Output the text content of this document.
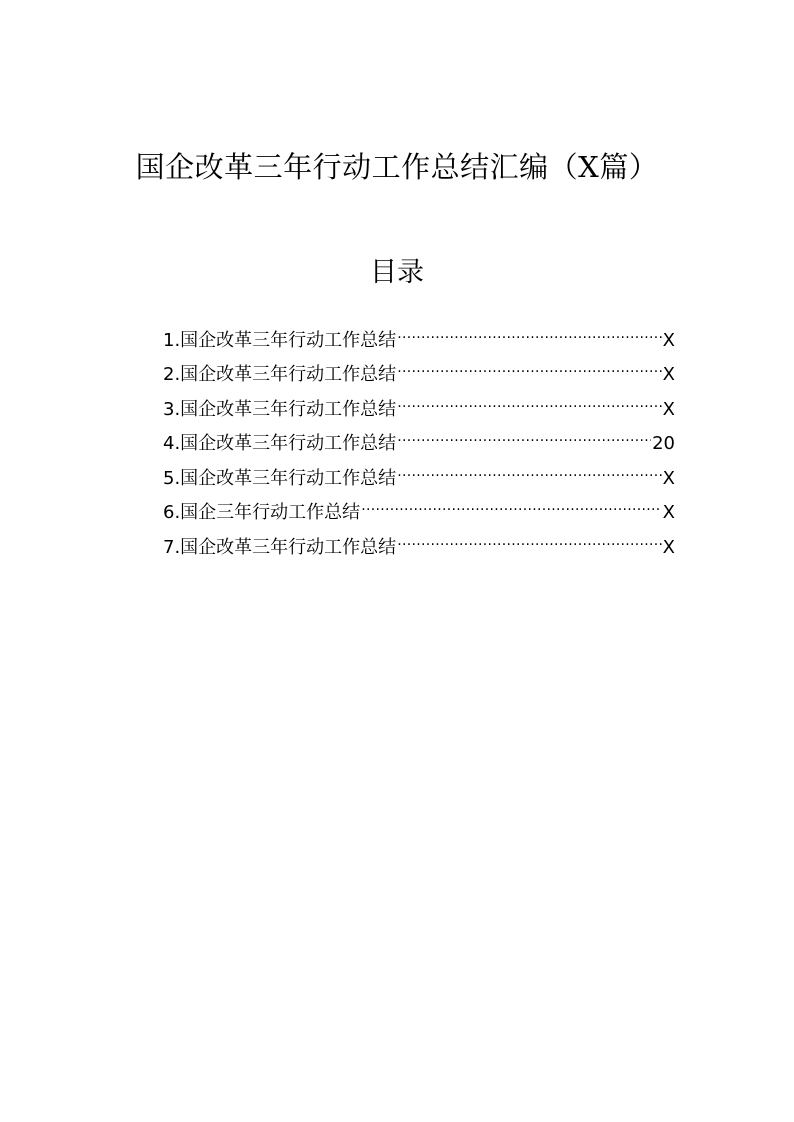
国企改革三年行动工作总结汇编（X篇）
目录
1.国企改革三年行动工作总结 .....	X
2.国企改革三年行动工作总结 .....	X
3.国企改革三年行动工作总结 .....	X
4.国企改革三年行动工作总结 .....	20
5.国企改革三年行动工作总结 .....	X
6.国企三年行动工作总结 .....	X
7.国企改革三年行动工作总结 .....	X
